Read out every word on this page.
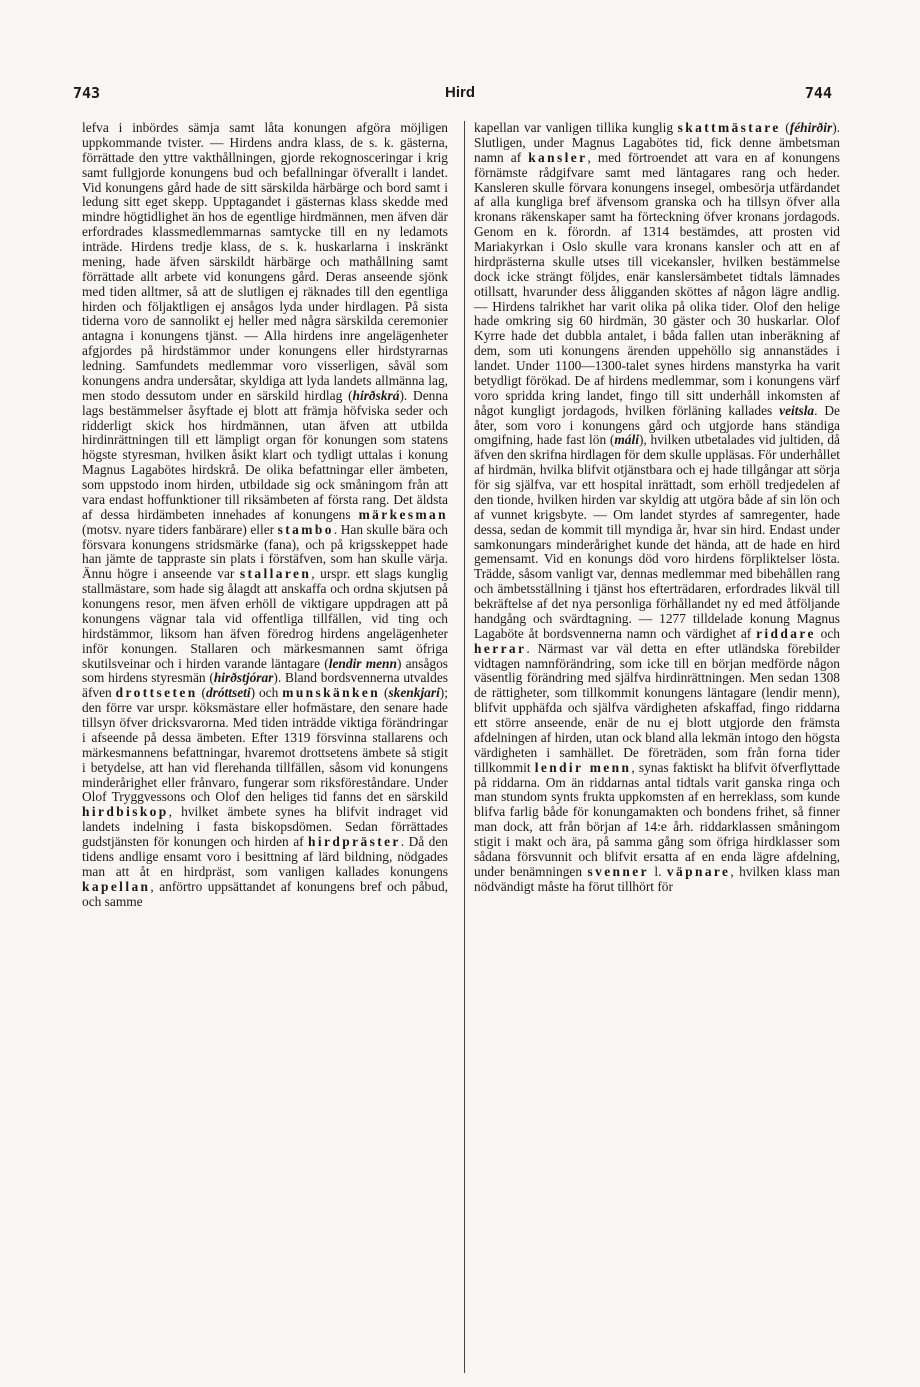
743	Hird	744

lefva i inbördes sämja samt låta konungen afgöra möjligen uppkommande tvister. — Hirdens andra klass, de s. k. gästerna, förrättade den yttre vakthållningen, gjorde rekognosceringar i krig samt fullgjorde konungens bud och befallningar öfverallt i landet. Vid konungens gård hade de sitt särskilda härbärge och bord samt i ledung sitt eget skepp. Upptagandet i gästernas klass skedde med mindre högtidlighet än hos de egentlige hirdmännen, men äfven där erfordrades klassmedlemmarnas samtycke till en ny ledamots inträde. Hirdens tredje klass, de s. k. huskarlarna i inskränkt mening, hade äfven särskildt härbärge och mathållning samt förrättade allt arbete vid konungens gård. Deras anseende sjönk med tiden alltmer, så att de slutligen ej räknades till den egentliga hirden och följaktligen ej ansågos lyda under hirdlagen. På sista tiderna voro de sannolikt ej heller med några särskilda ceremonier antagna i konungens tjänst. — Alla hirdens inre angelägenheter afgjordes på hirdstämmor under konungens eller hirdstyrarnas ledning. Samfundets medlemmar voro visserligen, såväl som konungens andra undersåtar, skyldiga att lyda landets allmänna lag, men stodo dessutom under en särskild hirdlag (hirðskrá). Denna lags bestämmelser åsyftade ej blott att främja höfviska seder och ridderligt skick hos hirdmännen, utan äfven att utbilda hirdinrättningen till ett lämpligt organ för konungen som statens högste styresman, hvilken åsikt klart och tydligt uttalas i konung Magnus Lagabötes hirdskrå. De olika befattningar eller ämbeten, som uppstodo inom hirden, utbildade sig ock småningom från att vara endast hoffunktioner till riksämbeten af första rang. Det äldsta af dessa hirdämbeten innehades af konungens märkesman (motsv. nyare tiders fanbärare) eller stambo. Han skulle bära och försvara konungens stridsmärke (fana), och på krigsskeppet hade han jämte de tappraste sin plats i förstäfven, som han skulle värja. Ännu högre i anseende var stallaren, urspr. ett slags kunglig stallmästare, som hade sig ålagdt att anskaffa och ordna skjutsen på konungens resor, men äfven erhöll de viktigare uppdragen att på konungens vägnar tala vid offentliga tillfällen, vid ting och hirdstämmor, liksom han äfven föredrog hirdens angelägenheter inför konungen. Stallaren och märkesmannen samt öfriga skutilsveinar och i hirden varande läntagare (lendir menn) ansågos som hirdens styresmän (hirðstjórar). Bland bordsvennerna utvaldes äfven drottseten (dróttseti) och munskänken (skenkjari); den förre var urspr. köksmästare eller hofmästare, den senare hade tillsyn öfver dricksvarorna. Med tiden inträdde viktiga förändringar i afseende på dessa ämbeten. Efter 1319 försvinna stallarens och märkesmannens befattningar, hvaremot drottsetens ämbete så stigit i betydelse, att han vid flerehanda tillfällen, såsom vid konungens minderårighet eller frånvaro, fungerar som riksföreståndare. Under Olof Tryggvessons och Olof den heliges tid fanns det en särskild hirdbiskop, hvilket ämbete synes ha blifvit indraget vid landets indelning i fasta biskopsdömen. Sedan förrättades gudstjänsten för konungen och hirden af hirdpräster. Då den tidens andlige ensamt voro i besittning af lärd bildning, nödgades man att åt en hirdpräst, som vanligen kallades konungens kapellan, anförtro uppsättandet af konungens bref och påbud, och samme

kapellan var vanligen tillika kunglig skattmästare (féhirðir). Slutligen, under Magnus Lagabötes tid, fick denne ämbetsman namn af kansler, med förtroendet att vara en af konungens förnämste rådgifvare samt med läntagares rang och heder. Kansleren skulle förvara konungens insegel, ombesörja utfärdandet af alla kungliga bref äfvensom granska och ha tillsyn öfver alla kronans räkenskaper samt ha förteckning öfver kronans jordagods. Genom en k. förordn. af 1314 bestämdes, att prosten vid Mariakyrkan i Oslo skulle vara kronans kansler och att en af hirdprästerna skulle utses till vicekansler, hvilken bestämmelse dock icke strängt följdes, enär kanslersämbetet tidtals lämnades otillsatt, hvarunder dess åligganden sköttes af någon lägre andlig. — Hirdens talrikhet har varit olika på olika tider. Olof den helige hade omkring sig 60 hirdmän, 30 gäster och 30 huskarlar. Olof Kyrre hade det dubbla antalet, i båda fallen utan inberäkning af dem, som uti konungens ärenden uppehöllo sig annanstädes i landet. Under 1100—1300-talet synes hirdens manstyrka ha varit betydligt förökad. De af hirdens medlemmar, som i konungens värf voro spridda kring landet, fingo till sitt underhåll inkomsten af något kungligt jordagods, hvilken förläning kallades veitsla. De åter, som voro i konungens gård och utgjorde hans ständiga omgifning, hade fast lön (máli), hvilken utbetalades vid jultiden, då äfven den skrifna hirdlagen för dem skulle uppläsas. För underhållet af hirdmän, hvilka blifvit otjänstbara och ej hade tillgångar att sörja för sig själfva, var ett hospital inrättadt, som erhöll tredjedelen af den tionde, hvilken hirden var skyldig att utgöra både af sin lön och af vunnet krigsbyte. — Om landet styrdes af samregenter, hade dessa, sedan de kommit till myndiga år, hvar sin hird. Endast under samkonungars minderårighet kunde det hända, att de hade en hird gemensamt. Vid en konungs död voro hirdens förpliktelser lösta. Trädde, såsom vanligt var, dennas medlemmar med bibehållen rang och ämbetsställning i tjänst hos efterträdaren, erfordrades likväl till bekräftelse af det nya personliga förhållandet ny ed med åtföljande handgång och svärdtagning. — 1277 tilldelade konung Magnus Lagaböte åt bordsvennerna namn och värdighet af riddare och herrar. Närmast var väl detta en efter utländska förebilder vidtagen namnförändring, som icke till en början medförde någon väsentlig förändring med själfva hirdinrättningen. Men sedan 1308 de rättigheter, som tillkommit konungens läntagare (lendir menn), blifvit upphäfda och själfva värdigheten afskaffad, fingo riddarna ett större anseende, enär de nu ej blott utgjorde den främsta afdelningen af hirden, utan ock bland alla lekmän intogo den högsta värdigheten i samhället. De företräden, som från forna tider tillkommit lendir menn, synas faktiskt ha blifvit öfverflyttade på riddarna. Om än riddarnas antal tidtals varit ganska ringa och man stundom synts frukta uppkomsten af en herreklass, som kunde blifva farlig både för konungamakten och bondens frihet, så finner man dock, att från början af 14:e årh. riddarklassen småningom stigit i makt och ära, på samma gång som öfriga hirdklasser som sådana försvunnit och blifvit ersatta af en enda lägre afdelning, under benämningen svenner l. väpnare, hvilken klass man nödvändigt måste ha förut tillhört för
